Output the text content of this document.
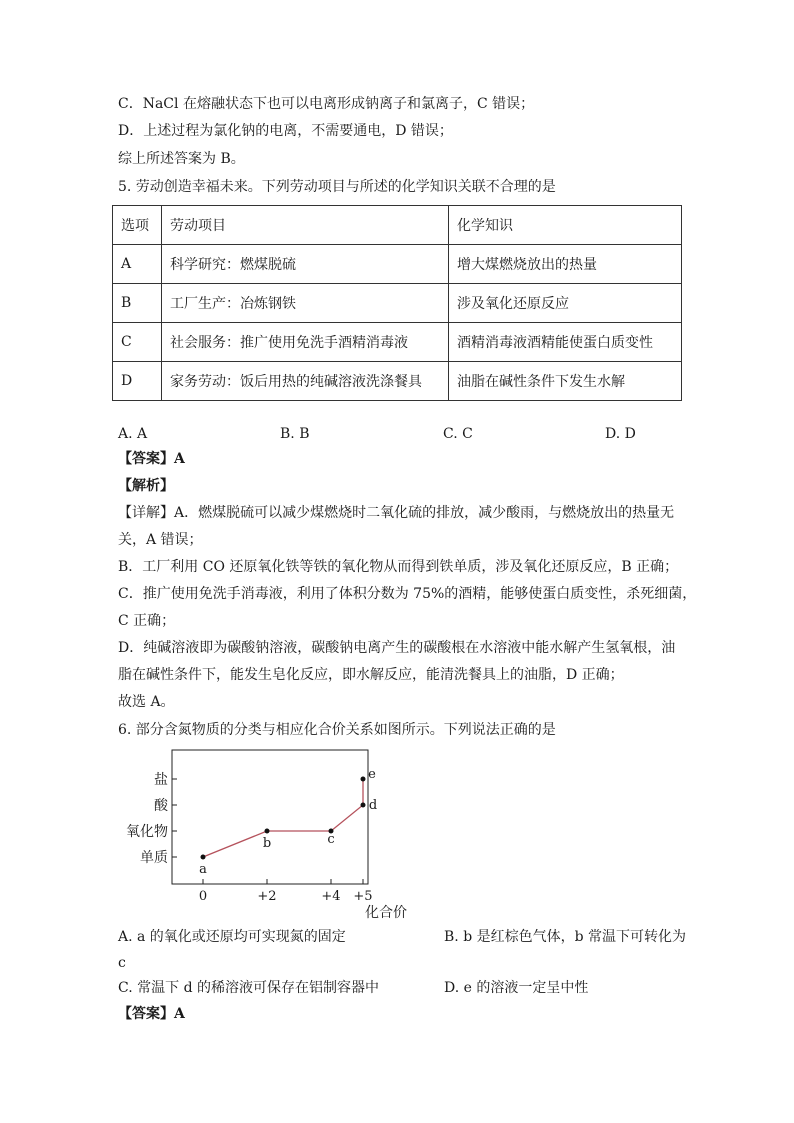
C．NaCl 在熔融状态下也可以电离形成钠离子和氯离子，C 错误；
D．上述过程为氯化钠的电离，不需要通电，D 错误；
综上所述答案为 B。
5. 劳动创造幸福未来。下列劳动项目与所述的化学知识关联不合理的是
选项	劳动项目	化学知识
A	科学研究：燃煤脱硫	增大煤燃烧放出的热量
B	工厂生产：冶炼钢铁	涉及氧化还原反应
C	社会服务：推广使用免洗手酒精消毒液	酒精消毒液酒精能使蛋白质变性
D	家务劳动：饭后用热的纯碱溶液洗涤餐具	油脂在碱性条件下发生水解
A. A	B. B	C. C	D. D
【答案】A
【解析】
【详解】A．燃煤脱硫可以减少煤燃烧时二氧化硫的排放，减少酸雨，与燃烧放出的热量无
关，A 错误；
B．工厂利用 CO 还原氧化铁等铁的氧化物从而得到铁单质，涉及氧化还原反应，B 正确；
C．推广使用免洗手消毒液，利用了体积分数为 75%的酒精，能够使蛋白质变性，杀死细菌，
C 正确；
D．纯碱溶液即为碳酸钠溶液，碳酸钠电离产生的碳酸根在水溶液中能水解产生氢氧根，油
脂在碱性条件下，能发生皂化反应，即水解反应，能清洗餐具上的油脂，D 正确；
故选 A。
6. 部分含氮物质的分类与相应化合价关系如图所示。下列说法正确的是
单质
氧化物
酸
盐
0	+2	+4 +5
化合价
a
b	c
d
e
A. a 的氧化或还原均可实现氮的固定	B. b 是红棕色气体，b 常温下可转化为
c
C. 常温下 d 的稀溶液可保存在铝制容器中	D. e 的溶液一定呈中性
【答案】A
